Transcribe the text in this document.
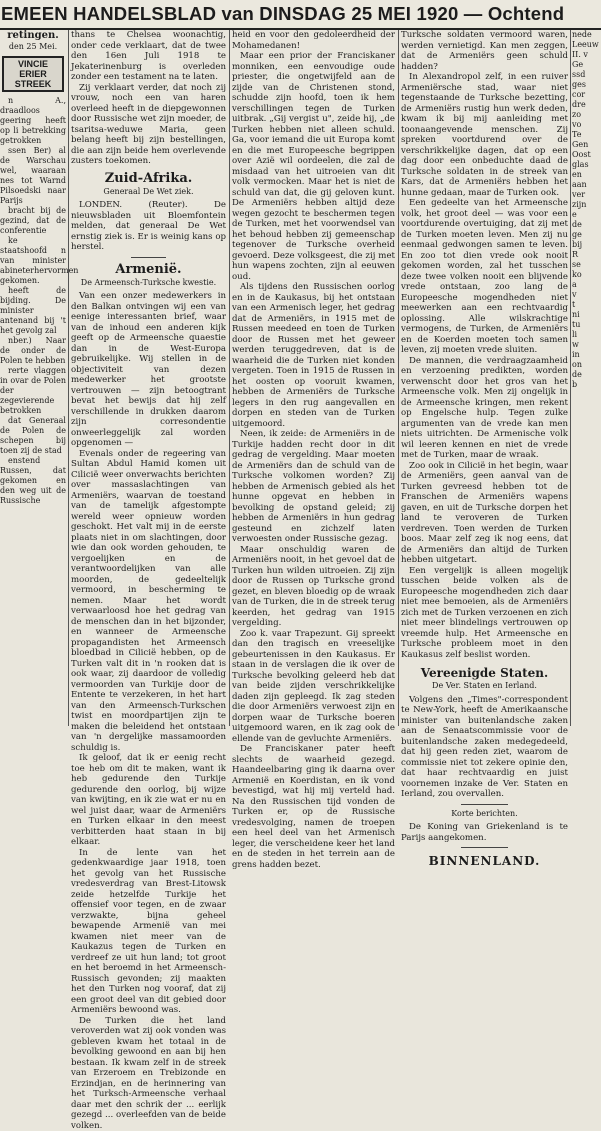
EMEEN HANDELSBLAD van DINSDAG 25 MEI 1920 — Ochtend
retingen.
den 25 Mei.
VINCIE
ERIER
STREEK

n A., draadloos geering heeft op li betrekking getrokken

ssen Ber) al de Warschau wel, waaraan nes tot Warnd Pilsoedski naar Parijs

bracht bij de gezind, dat de conferentie

ke staatshoofd n van minister abineterhervormen gekomen.

heeft de bijding. De minister antenand bij 't het gevolg zal

nber.) Naar de onder de Polen te hebben

rerte vlaggen in ovar de Polen der zegevierende betrokken

dat Generaal de Polen de schepen bij toen zij de stad

enstend Russen, dat gekomen en den weg uit de Russische

thans te Chelsea woonachtig, onder cede verklaart, dat de twee den 16en Juli 1918 te Jekaterinenburg is overleden zonder een testament na te laten.

Zij verklaart verder, dat noch zij vrouw, noch een van haren overleed heeft in de diepgewonnen door Russische wet zijn moeder, de tsaritsa-weduwe Maria, geen belang heeft bij zijn bestellingen, die aan zijn beide hem overlevende zusters toekomen.

Zuid-Afrika.
Generaal De Wet ziek.

LONDEN. (Reuter). De nieuwsbladen uit Bloemfontein melden, dat generaal De Wet ernstig ziek is. Er is weinig kans op herstel.

Armenië.
De Armeensch-Turksche kwestie.

Van een onzer medewerkers in den Balkan ontvingen wij een van eenige interessanten brief, waar van de inhoud een anderen kijk geeft op de Armeensche quaestie dan in de West-Europa gebruikelijke. Wij stellen in de objectiviteit van dezen medewerker het grootste vertrouwen — zijn betoogtrant bevat het bewijs dat hij zelf verschillende in drukken daarom zijn corresondentie onweerleggelijk zal worden opgenomen —

Evenals onder de regeering van Sultan Abdul Hamid komen uit Cilicië weer onverwachts berichten over massaslachtingen van Armeniërs, waarvan de toestand van de tamelijk afgestompte wereld weer opnieuw worden geschokt. Het valt mij in de eerste plaats niet in om slachtingen, door wie dan ook worden gehouden, te vergoelijken en de verantwoordelijken van alle moorden, de gedeeltelijk vermoord, in bescherming te nemen. Maar het wordt verwaarloosd hoe het gedrag van de menschen dan in het bijzonder, en wanneer de Armeensche propagandisten het Armeensch bloedbad in Cilicië hebben, op de Turken valt dit in 'n rooken dat is ook waar, zij daardoor de volledig vermoorden van Turkije door de Entente te verzekeren, in het hart van den Armeensch-Turkschen twist en moordpartijen zijn te maken die beleidend het ontstaan van 'n dergelijke massamoorden schuldig is.

Ik geloof, dat ik er eenig recht toe heb om dit te maken, want ik heb gedurende den Turkije gedurende den oorlog, bij wijze van kwijting, en ik zie wat er nu en wel juist daar, waar de Armeniërs en Turken elkaar in den meest verbitterden haat staan in bij elkaar.

In de lente van het gedenkwaardige jaar 1918, toen het gevolg van het Russische vredesverdrag van Brest-Litowsk zeide hetzelfde Turkije het offensief voor tegen, en de zwaar verzwakte, bijna geheel bewapende Armenië van mei kwamen niet meer van de Kaukazus tegen de Turken en verdreef ze uit hun land; tot groot en het beroemd in het Armeensch-Russisch gevonden; zij maakten het den Turken nog vooraf, dat zij een groot deel van dit gebied door Armeniërs bewoond was.

De Turken die het land veroverden wat zij ook vonden was gebleven kwam het totaal in de bevolking gewoond en aan bij hen bestaan. Ik kwam zelf in de streek van Erzeroem en Trebizonde en Erzindjan, en de herinnering van het Turksch-Armeensche verhaal daar met den schrik der ... eerlijk gezegd ... overleefden van de beide volken.

heid en voor den gedoleerdheid der Mohamedanen!

Maar een prior der Franciskaner monniken, een eenvoudige oude priester, die ongetwijfeld aan de zijde van de Christenen stond, schudde zijn hoofd, toen ik hem verschillingen tegen de Turken uitbrak. „Gij vergist u", zeide hij, „de Turken hebben niet alleen schuld. Ga, voor iemand die uit Europa komt en die met Europeesche begrippen over Azië wil oordeelen, die zal de misdaad van het uitroeien van dit volk vermocken. Maar het is niet de schuld van dat, die gij geloven kunt. De Armeniërs hebben altijd deze wegen gezocht te beschermen tegen de Turken, met het voorwendsel van het behoud hebben zij gemeenschap tegenover de Turksche overheid gevoerd. Deze volksgeest, die zij met hun wapens zochten, zijn al eeuwen oud.

Als tijdens den Russischen oorlog en in de Kaukasus, bij het ontstaan van een Armenisch leger, het gedrag dat de Armeniërs, in 1915 met de Russen meedeed en toen de Turken door de Russen met het geweer werden teruggedreven, dat is de waarheid die de Turken niet konden vergeten. Toen in 1915 de Russen in het oosten op vooruit kwamen, hebben de Armeniërs de Turksche legers in den rug aangevallen en dorpen en steden van de Turken uitgemoord.

Neen, ik zeide: de Armeniërs in de Turkije hadden recht door in dit gedrag de vergelding. Maar moeten de Armeniërs dan de schuld van de Turksche volkomen worden? Zij hebben de Armenisch gebied als het hunne opgevat en hebben in bevolking de opstand geleid; zij hebben de Armeniërs in hun gedrag gesteund en zichzelf laten verwoesten onder Russische gezag.

Maar onschuldig waren de Armeniërs nooit, in het gevoel dat de Turken hun wilden uitroeien. Zij zijn door de Russen op Turksche grond gezet, en bleven bloedig op de wraak van de Turken, die in de streek terug keerden, het gedrag van 1915 vergelding.

Zoo k. vaar Trapezunt. Gij spreekt dan den tragisch en vreeselijke gebeurtenissen in den Kaukasus. Er staan in de verslagen die ik over de Turksche bevolking geleerd heb dat van beide zijden verschrikkelijke daden zijn gepleegd. Ik zag steden die door Armeniërs verwoest zijn en dorpen waar de Turksche boeren uitgemoord waren, en ik zag ook de ellende van de gevluchte Armeniërs.

De Franciskaner pater heeft slechts de waarheid gezegd. Haandeelbaring ging ik daarna over Armenië en Koerdistan, en ik vond bevestigd, wat hij mij verteld had. Na den Russischen tijd vonden de Turken er, op de Russische vredesvolging, namen de troepen een heel deel van het Armenisch leger, die verscheidene keer het land en de steden in het terrein aan de grens hadden bezet.

Turksche soldaten vermoord waren, werden vernietigd. Kan men zeggen, dat de Armeniërs geen schuld hadden?

In Alexandropol zelf, in een ruiver Armeniërsche stad, waar niet tegenstaande de Turksche bezetting, de Armeniërs rustig hun werk deden, kwam ik bij mij aanleiding met toonaangevende menschen. Zij spreken voortdurend over de verschrikkelijke dagen, dat op een dag door een onbeduchte daad de Turksche soldaten in de streek van Kars, dat de Armeniërs hebben het hunne gedaan, maar de Turken ook.

Een gedeelte van het Armeensche volk, het groot deel — was voor een voortdurende overtuiging, dat zij met de Turken moeten leven. Men zij nu eenmaal gedwongen samen te leven. En zoo tot dien vrede ook nooit gekomen worden, zal het tusschen deze twee volken nooit een blijvende vrede ontstaan, zoo lang de Europeesche mogendheden niet meewerken aan een rechtvaardig oplossing. Alle wilskrachtige vermogens, de Turken, de Armeniërs en de Koerden moeten toch samen leven, zij moeten vrede sluiten.

De mannen, die verdraagzaamheid en verzoening predikten, worden verwenscht door het gros van het Armeensche volk. Men zij ongelijk in de Armeensche kringen, men rekent op Engelsche hulp. Tegen zulke argumenten van de vrede kan men niets uitrichten. De Armenische volk wil leeren kennen en niet de vrede met de Turken, maar de wraak.

Zoo ook in Cilicië in het begin, waar de Armeniërs, geen aanval van de Turken gevreesd hebben tot de Franschen de Armeniërs wapens gaven, en uit de Turksche dorpen het land te veroveren de Turken verdreven. Toen werden de Turken boos. Maar zelf zeg ik nog eens, dat de Armeniërs dan altijd de Turken hebben uitgetart.

Een vergelijk is alleen mogelijk tusschen beide volken als de Europeesche mogendheden zich daar niet mee bemoeien, als de Armeniërs zich met de Turken verzoenen en zich niet meer blindelings vertrouwen op vreemde hulp. Het Armeensche en Turksche probleem moet in den Kaukasus zelf beslist worden.

Vereenigde Staten.
De Ver. Staten en Ierland.

Volgens den „Times"-correspondent te New-York, heeft de Amerikaansche minister van buitenlandsche zaken aan de Senaatscommissie voor de buitenlandsche zaken medegedeeld, dat hij geen reden ziet, waarom de commissie niet tot zekere opinie den, dat haar rechtvaardig en juist voornemen inzake de Ver. Staten en Ierland, zou overvallen.

Korte berichten.

De Koning van Griekenland is te Parijs aangekomen.

BINNENLAND.
nede
Leeuw
II. v
Ge
ssd
ges
cor
dre
zo
vo
Te
Gen
Oost
glas
en
aan
ver
zijn
e
de
ge
bij
R
se
ko
a
v
t
ni
tu
li
w
in
on
de
b
